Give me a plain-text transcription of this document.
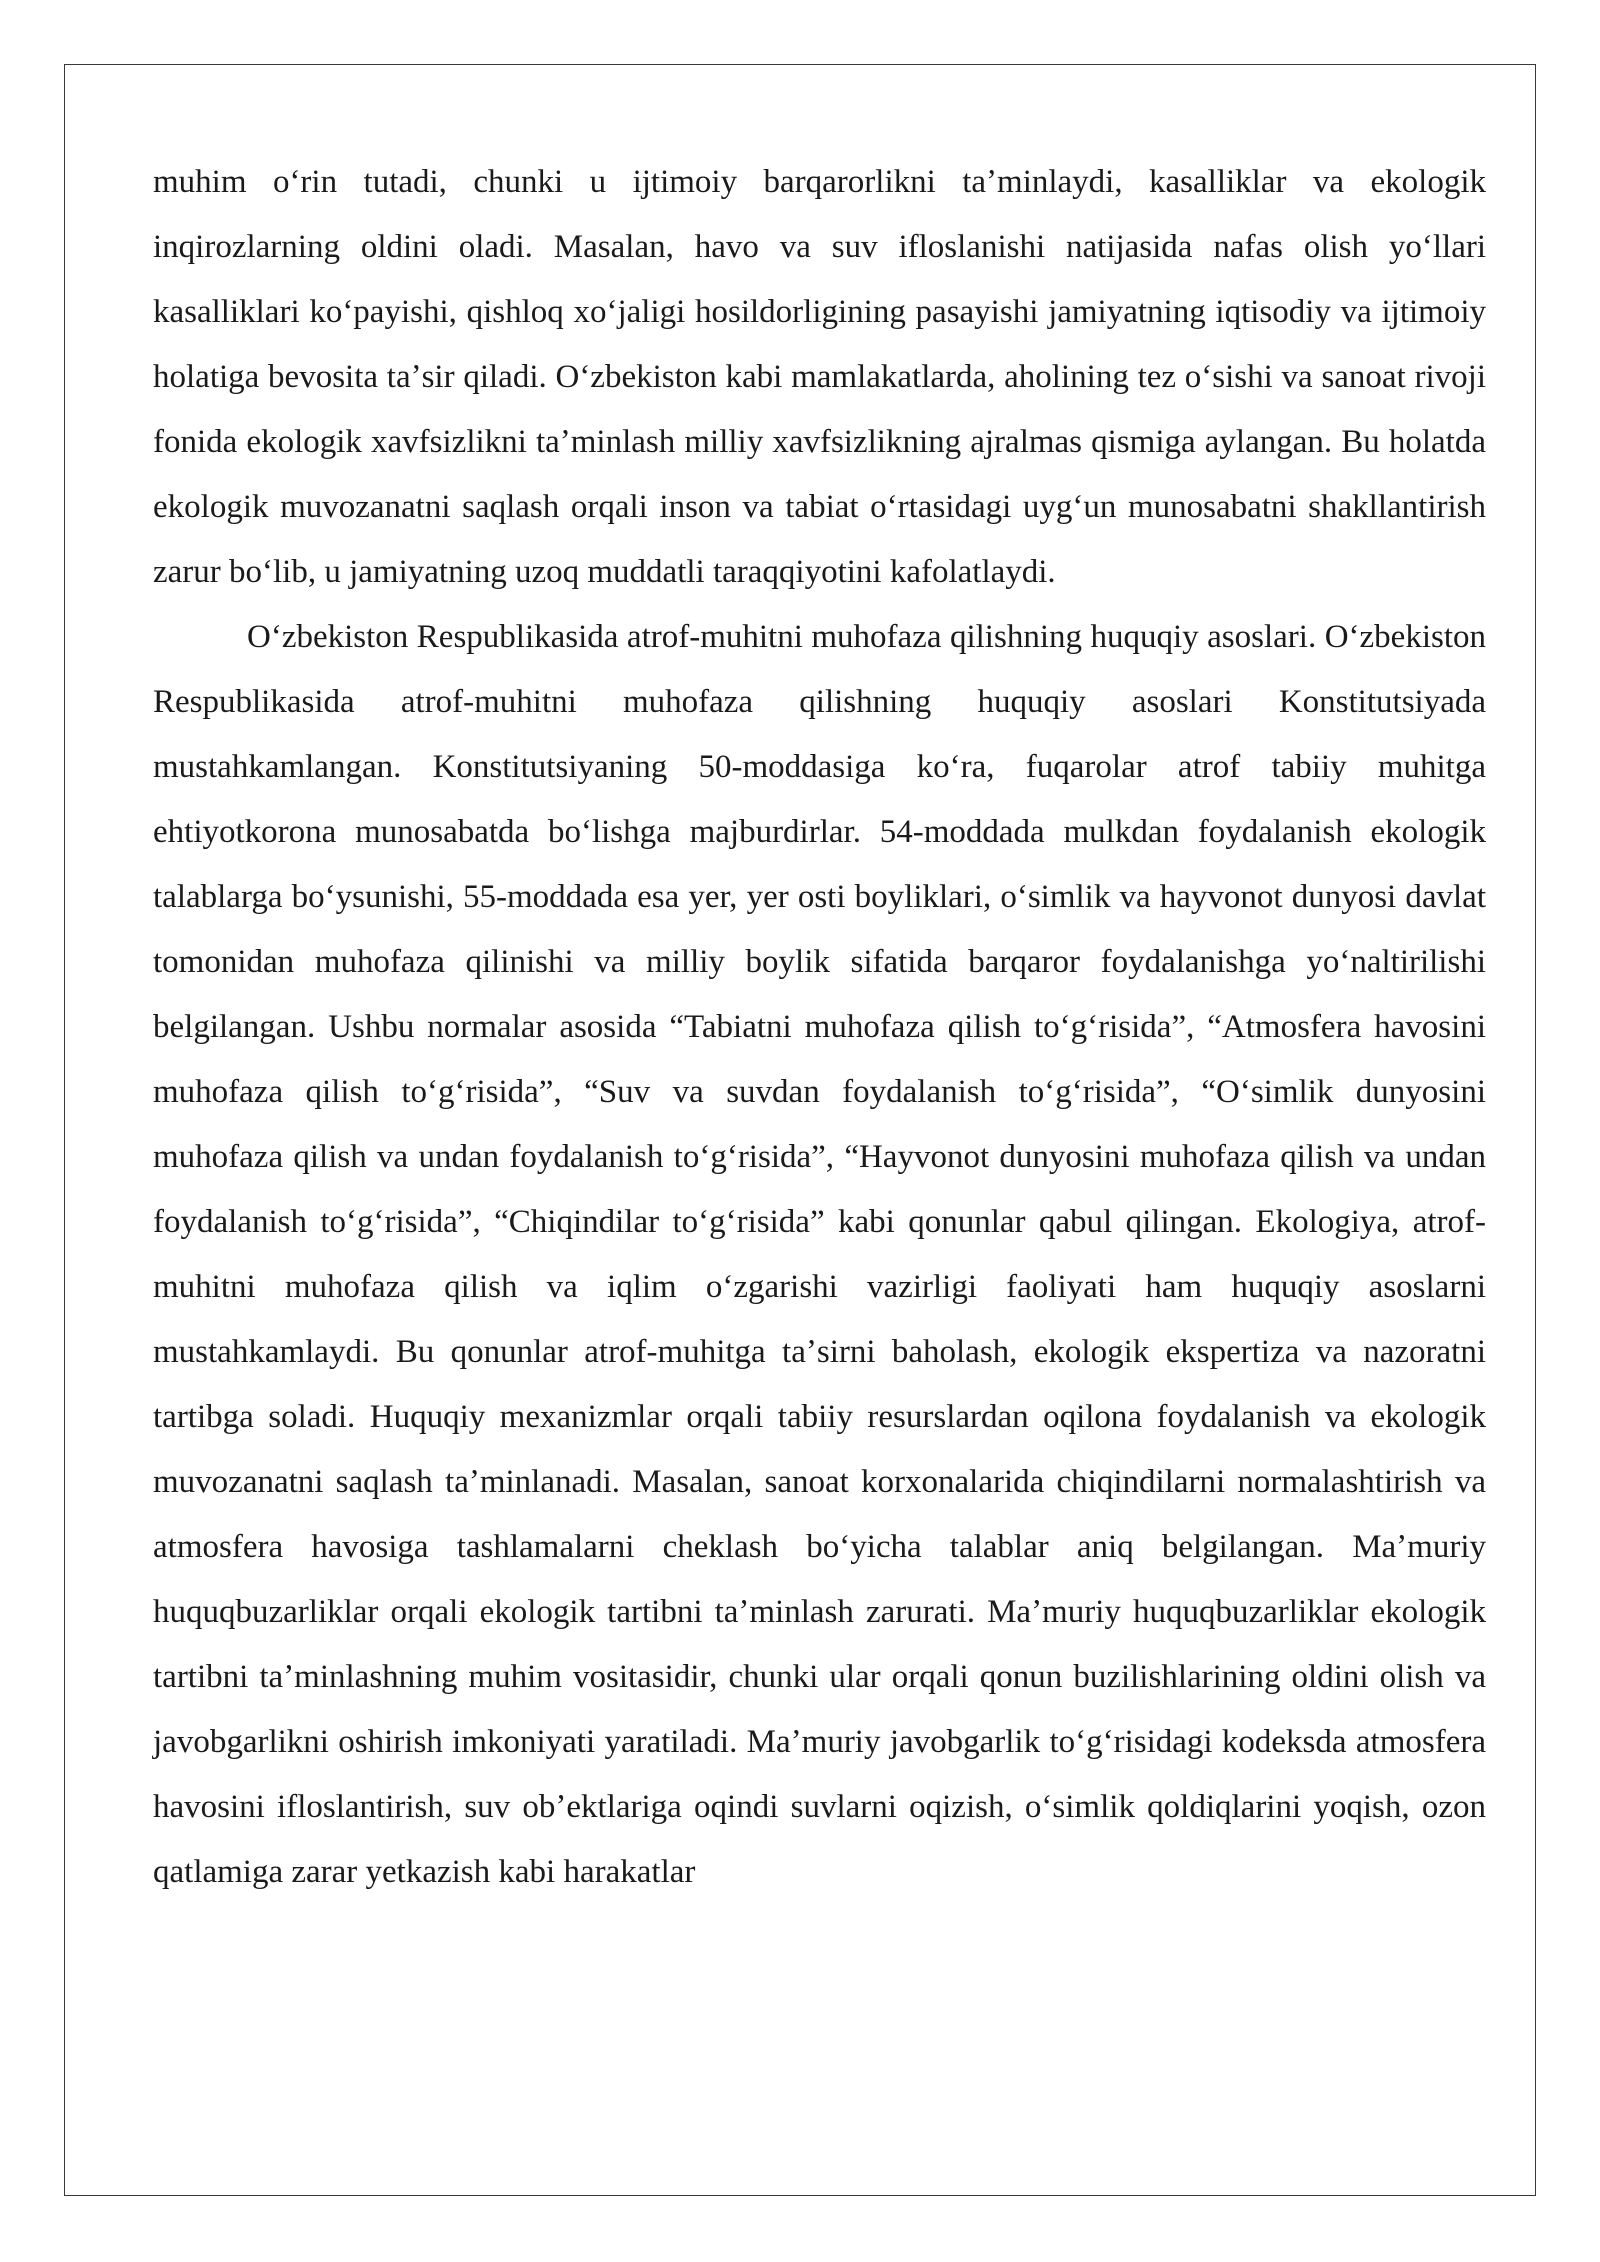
muhim oʻrin tutadi, chunki u ijtimoiy barqarorlikni taʼminlaydi, kasalliklar va ekologik inqirozlarning oldini oladi. Masalan, havo va suv ifloslanishi natijasida nafas olish yoʻllari kasalliklari koʻpayishi, qishloq xoʻjaligi hosildorligining pasayishi jamiyatning iqtisodiy va ijtimoiy holatiga bevosita taʼsir qiladi. Oʻzbekiston kabi mamlakatlarda, aholining tez oʻsishi va sanoat rivoji fonida ekologik xavfsizlikni taʼminlash milliy xavfsizlikning ajralmas qismiga aylangan. Bu holatda ekologik muvozanatni saqlash orqali inson va tabiat oʻrtasidagi uygʻun munosabatni shakllantirish zarur boʻlib, u jamiyatning uzoq muddatli taraqqiyotini kafolatlaydi.

Oʻzbekiston Respublikasida atrof-muhitni muhofaza qilishning huquqiy asoslari. Oʻzbekiston Respublikasida atrof-muhitni muhofaza qilishning huquqiy asoslari Konstitutsiyada mustahkamlangan. Konstitutsiyaning 50-moddasiga koʻra, fuqarolar atrof tabiiy muhitga ehtiyotkorona munosabatda boʻlishga majburdirlar. 54-moddada mulkdan foydalanish ekologik talablarga boʻysunishi, 55-moddada esa yer, yer osti boyliklari, oʻsimlik va hayvonot dunyosi davlat tomonidan muhofaza qilinishi va milliy boylik sifatida barqaror foydalanishga yoʻnaltirilishi belgilangan. Ushbu normalar asosida “Tabiatni muhofaza qilish toʻgʻrisida”, “Atmosfera havosini muhofaza qilish toʻgʻrisida”, “Suv va suvdan foydalanish toʻgʻrisida”, “Oʻsimlik dunyosini muhofaza qilish va undan foydalanish toʻgʻrisida”, “Hayvonot dunyosini muhofaza qilish va undan foydalanish toʻgʻrisida”, “Chiqindilar toʻgʻrisida” kabi qonunlar qabul qilingan. Ekologiya, atrof-muhitni muhofaza qilish va iqlim oʻzgarishi vazirligi faoliyati ham huquqiy asoslarni mustahkamlaydi. Bu qonunlar atrof-muhitga taʼsirni baholash, ekologik ekspertiza va nazoratni tartibga soladi. Huquqiy mexanizmlar orqali tabiiy resurslardan oqilona foydalanish va ekologik muvozanatni saqlash taʼminlanadi. Masalan, sanoat korxonalarida chiqindilarni normalashtirish va atmosfera havosiga tashlamalarni cheklash boʻyicha talablar aniq belgilangan. Maʼmuriy huquqbuzarliklar orqali ekologik tartibni taʼminlash zarurati. Maʼmuriy huquqbuzarliklar ekologik tartibni taʼminlashning muhim vositasidir, chunki ular orqali qonun buzilishlarining oldini olish va javobgarlikni oshirish imkoniyati yaratiladi. Maʼmuriy javobgarlik toʻgʻrisidagi kodeksda atmosfera havosini ifloslantirish, suv obʼektlariga oqindi suvlarni oqizish, oʻsimlik qoldiqlarini yoqish, ozon qatlamiga zarar yetkazish kabi harakatlar
